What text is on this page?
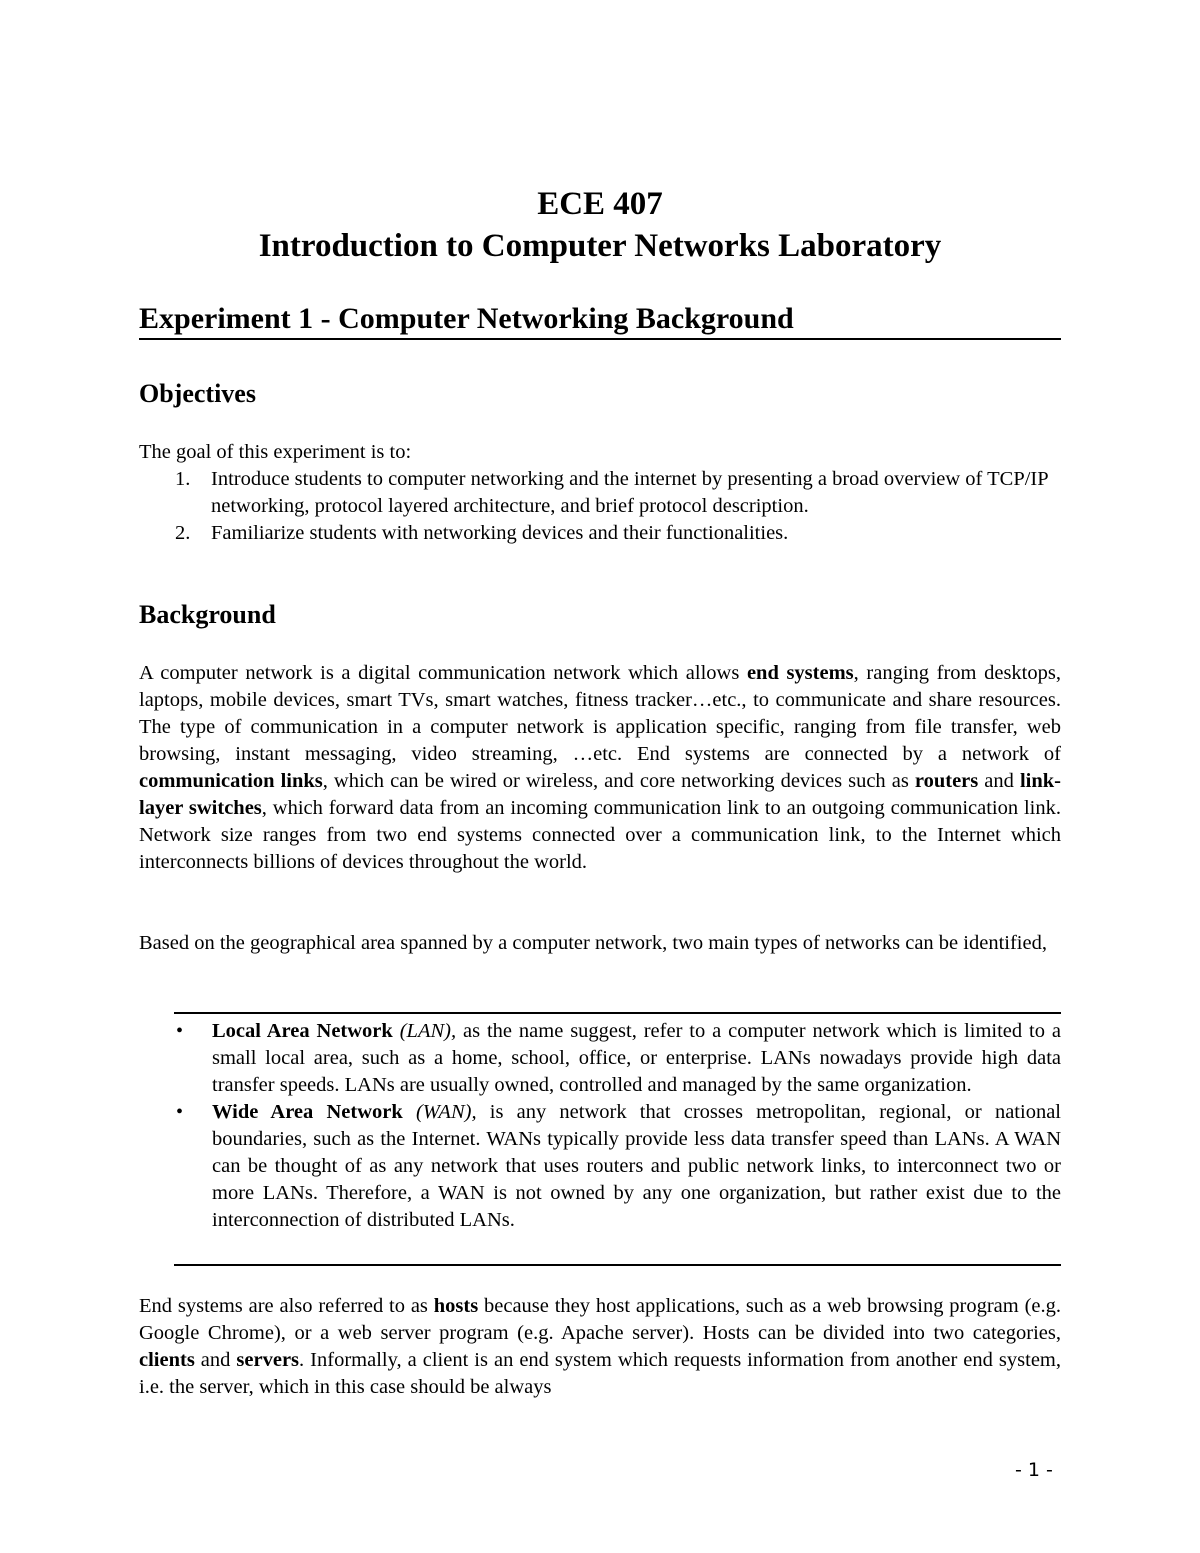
ECE 407
Introduction to Computer Networks Laboratory
Experiment 1 - Computer Networking Background
Objectives

The goal of this experiment is to:

1. Introduce students to computer networking and the internet by presenting a broad overview of TCP/IP networking, protocol layered architecture, and brief protocol description.
2. Familiarize students with networking devices and their functionalities.
Background

A computer network is a digital communication network which allows end systems, ranging from desktops, laptops, mobile devices, smart TVs, smart watches, fitness tracker…etc., to communicate and share resources. The type of communication in a computer network is application specific, ranging from file transfer, web browsing, instant messaging, video streaming, …etc. End systems are connected by a network of communication links, which can be wired or wireless, and core networking devices such as routers and link-layer switches, which forward data from an incoming communication link to an outgoing communication link. Network size ranges from two end systems connected over a communication link, to the Internet which interconnects billions of devices throughout the world.

Based on the geographical area spanned by a computer network, two main types of networks can be identified,

• Local Area Network (LAN), as the name suggest, refer to a computer network which is limited to a small local area, such as a home, school, office, or enterprise. LANs nowadays provide high data transfer speeds. LANs are usually owned, controlled and managed by the same organization.
• Wide Area Network (WAN), is any network that crosses metropolitan, regional, or national boundaries, such as the Internet. WANs typically provide less data transfer speed than LANs. A WAN can be thought of as any network that uses routers and public network links, to interconnect two or more LANs. Therefore, a WAN is not owned by any one organization, but rather exist due to the interconnection of distributed LANs.

End systems are also referred to as hosts because they host applications, such as a web browsing program (e.g. Google Chrome), or a web server program (e.g. Apache server). Hosts can be divided into two categories, clients and servers. Informally, a client is an end system which requests information from another end system, i.e. the server, which in this case should be always

- 1 -
